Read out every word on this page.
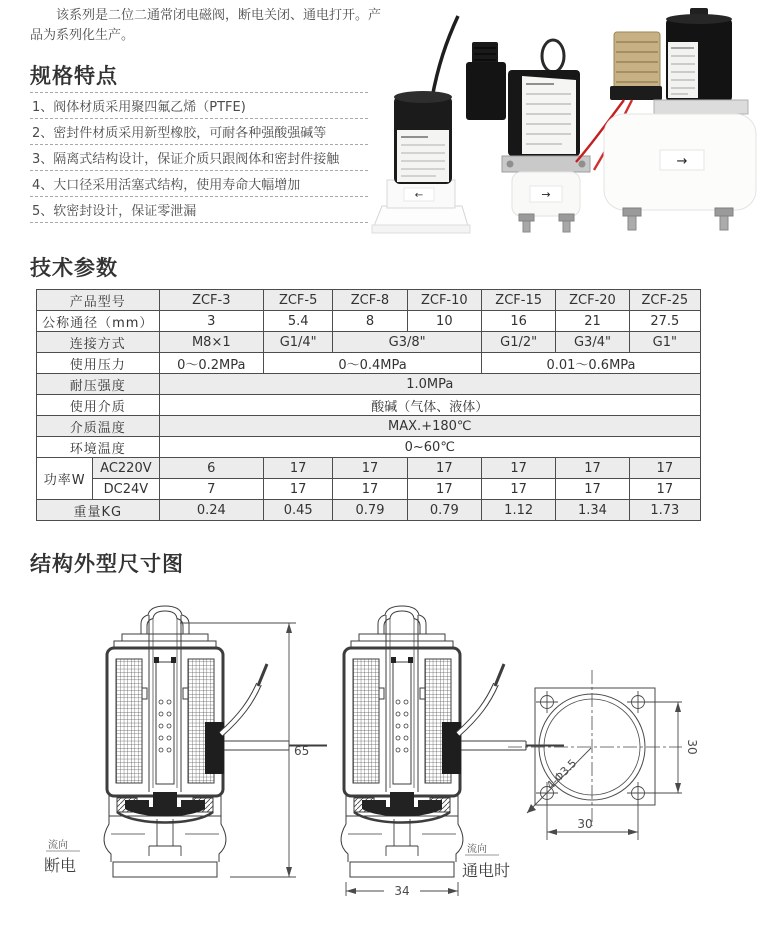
该系列是二位二通常闭电磁阀，断电关闭、通电打开。产品为系列化生产。

规格特点
1、阀体材质采用聚四氟乙烯（PTFE)
2、密封件材质采用新型橡胶，可耐各种强酸强碱等
3、隔离式结构设计，保证介质只跟阀体和密封件接触
4、大口径采用活塞式结构，使用寿命大幅增加
5、软密封设计，保证零泄漏
←	→
→
技术参数
产品型号		ZCF-3	ZCF-5	ZCF-8	ZCF-10	ZCF-15	ZCF-20	ZCF-25
公称通径（mm）		3	5.4	8	10	16	21	27.5
连接方式		M8×1	G1/4"	G3/8"		G1/2"	G3/4"	G1"
使用压力		0～0.2MPa	0～0.4MPa			0.01～0.6MPa		
耐压强度		1.0MPa						
使用介质		酸碱（气体、液体）						
介质温度		MAX.+180℃						
环境温度		0~60℃						
功率W	AC220V	6	17	17	17	17	17	17
	DC24V	7	17	17	17	17	17	17
重量KG		0.24	0.45	0.79	0.79	1.12	1.34	1.73
结构外型尺寸图
65
34
流向
断电
流向
通电时
4-Φ3.5
30
30
